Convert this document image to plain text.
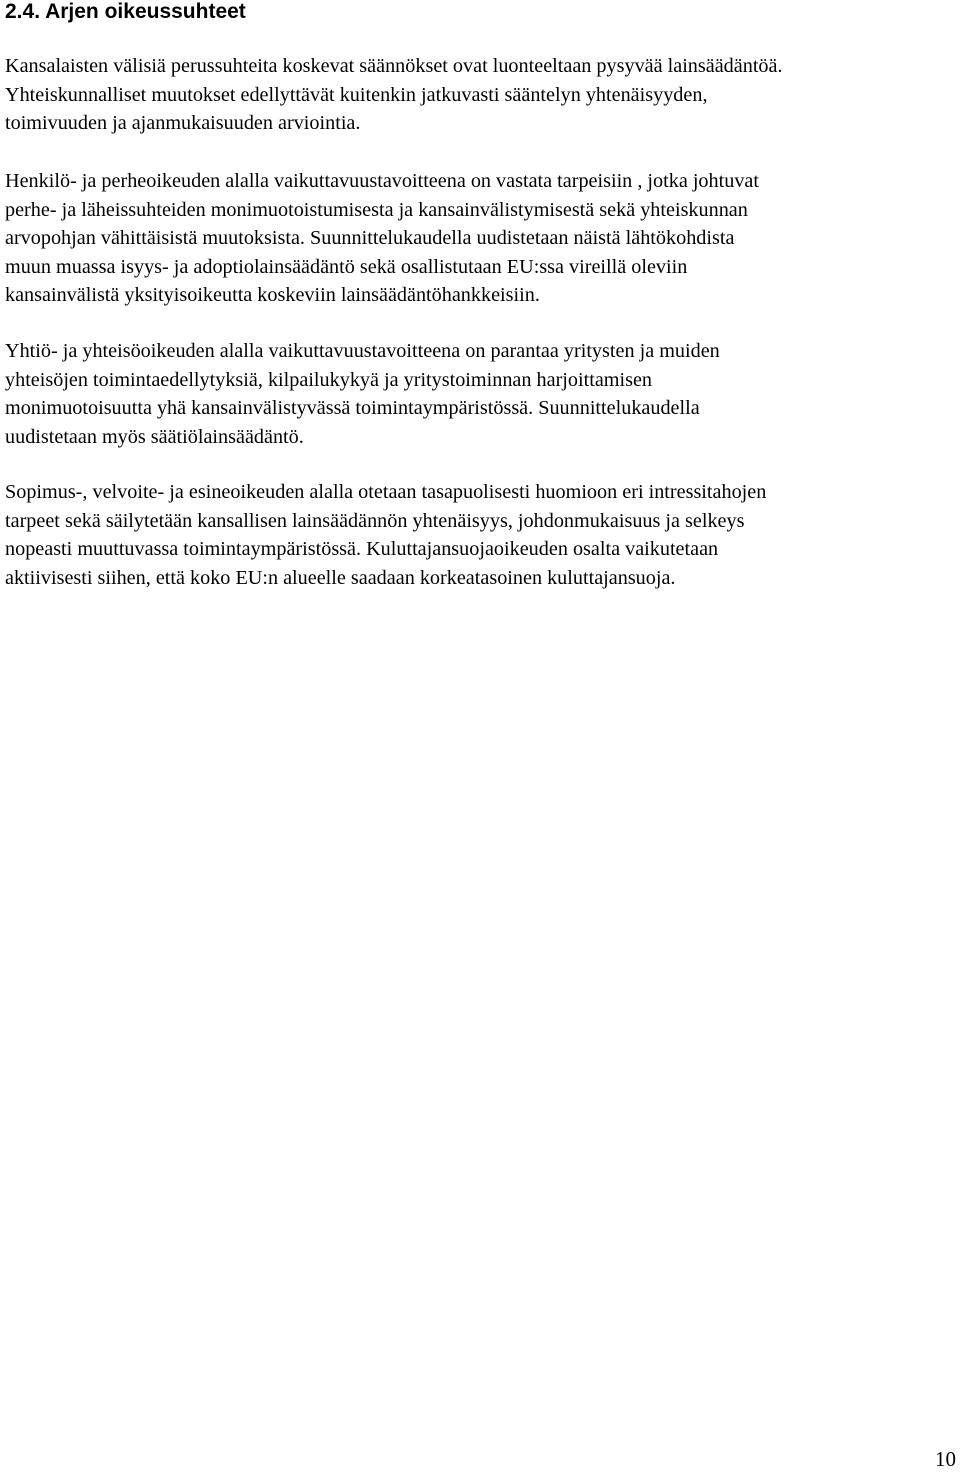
2.4. Arjen oikeussuhteet

Kansalaisten välisiä perussuhteita koskevat säännökset ovat luonteeltaan pysyvää lainsäädäntöä.
Yhteiskunnalliset muutokset edellyttävät kuitenkin jatkuvasti sääntelyn yhtenäisyyden,
toimivuuden ja ajanmukaisuuden arviointia.

Henkilö- ja perheoikeuden alalla vaikuttavuustavoitteena on vastata tarpeisiin , jotka johtuvat
perhe- ja läheissuhteiden monimuotoistumisesta ja kansainvälistymisestä sekä yhteiskunnan
arvopohjan vähittäisistä muutoksista. Suunnittelukaudella uudistetaan näistä lähtökohdista
muun muassa isyys- ja adoptiolainsäädäntö sekä osallistutaan EU:ssa vireillä oleviin
kansainvälistä yksityisoikeutta koskeviin lainsäädäntöhankkeisiin.

Yhtiö- ja yhteisöoikeuden alalla vaikuttavuustavoitteena on parantaa yritysten ja muiden
yhteisöjen toimintaedellytyksiä, kilpailukykyä ja yritystoiminnan harjoittamisen
monimuotoisuutta yhä kansainvälistyvässä toimintaympäristössä. Suunnittelukaudella
uudistetaan myös säätiölainsäädäntö.

Sopimus-, velvoite- ja esineoikeuden alalla otetaan tasapuolisesti huomioon eri intressitahojen
tarpeet sekä säilytetään kansallisen lainsäädännön yhtenäisyys, johdonmukaisuus ja selkeys
nopeasti muuttuvassa toimintaympäristössä. Kuluttajansuojaoikeuden osalta vaikutetaan
aktiivisesti siihen, että koko EU:n alueelle saadaan korkeatasoinen kuluttajansuoja.

10
